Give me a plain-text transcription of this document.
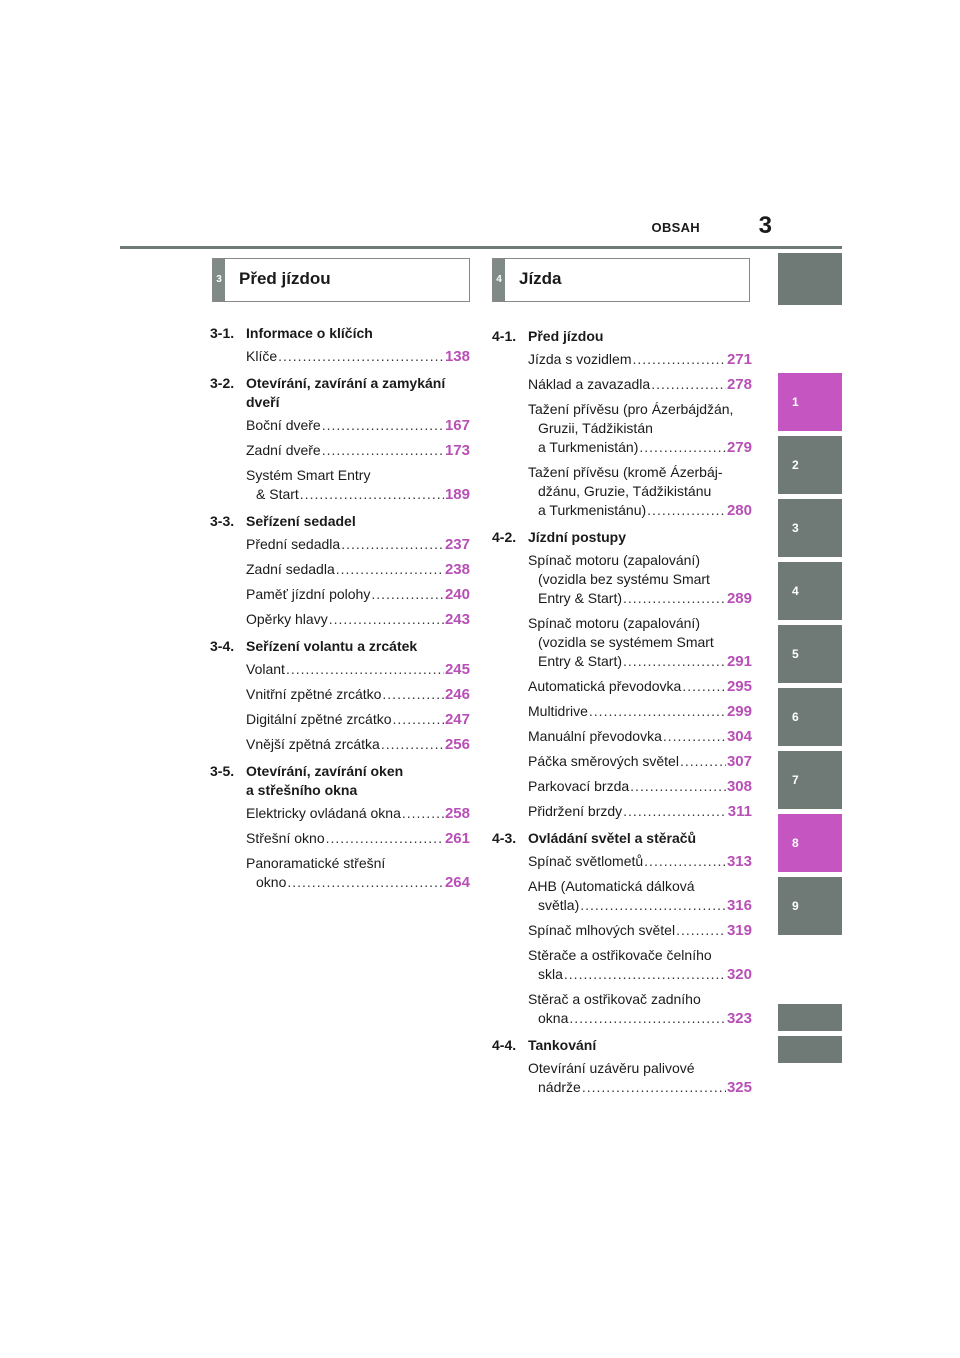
OBSAH 3
3 Před jízdou	4 Jízda
3-1. Informace o klíčích
Klíče .....	138
3-2. Otevírání, zavírání a zamykání
dveří
Boční dveře .....	167
Zadní dveře .....	173
Systém Smart Entry
& Start .....	189
3-3. Seřízení sedadel
Přední sedadla .....	237
Zadní sedadla .....	238
Paměť jízdní polohy .....	240
Opěrky hlavy .....	243
3-4. Seřízení volantu a zrcátek
Volant .....	245
Vnitřní zpětné zrcátko .....	246
Digitální zpětné zrcátko .....	247
Vnější zpětná zrcátka .....	256
3-5. Otevírání, zavírání oken
a střešního okna
Elektricky ovládaná okna .....	258
Střešní okno .....	261
Panoramatické střešní
okno .....	264
4-1. Před jízdou
Jízda s vozidlem .....	271
Náklad a zavazadla .....	278
Tažení přívěsu (pro Ázerbájdžán,
Gruzii, Tádžikistán
a Turkmenistán) .....	279
Tažení přívěsu (kromě Ázerbáj-
džánu, Gruzie, Tádžikistánu
a Turkmenistánu) .....	280
4-2. Jízdní postupy
Spínač motoru (zapalování)
(vozidla bez systému Smart
Entry & Start) .....	289
Spínač motoru (zapalování)
(vozidla se systémem Smart
Entry & Start) .....	291
Automatická převodovka .....	295
Multidrive .....	299
Manuální převodovka .....	304
Páčka směrových světel .....	307
Parkovací brzda .....	308
Přidržení brzdy .....	311
4-3. Ovládání světel a stěračů
Spínač světlometů .....	313
AHB (Automatická dálková
světla) .....	316
Spínač mlhových světel .....	319
Stěrače a ostřikovače čelního
skla .....	320
Stěrač a ostřikovač zadního
okna .....	323
4-4. Tankování
Otevírání uzávěru palivové
nádrže .....	325
1
2
3
4
5
6
7
8
9
